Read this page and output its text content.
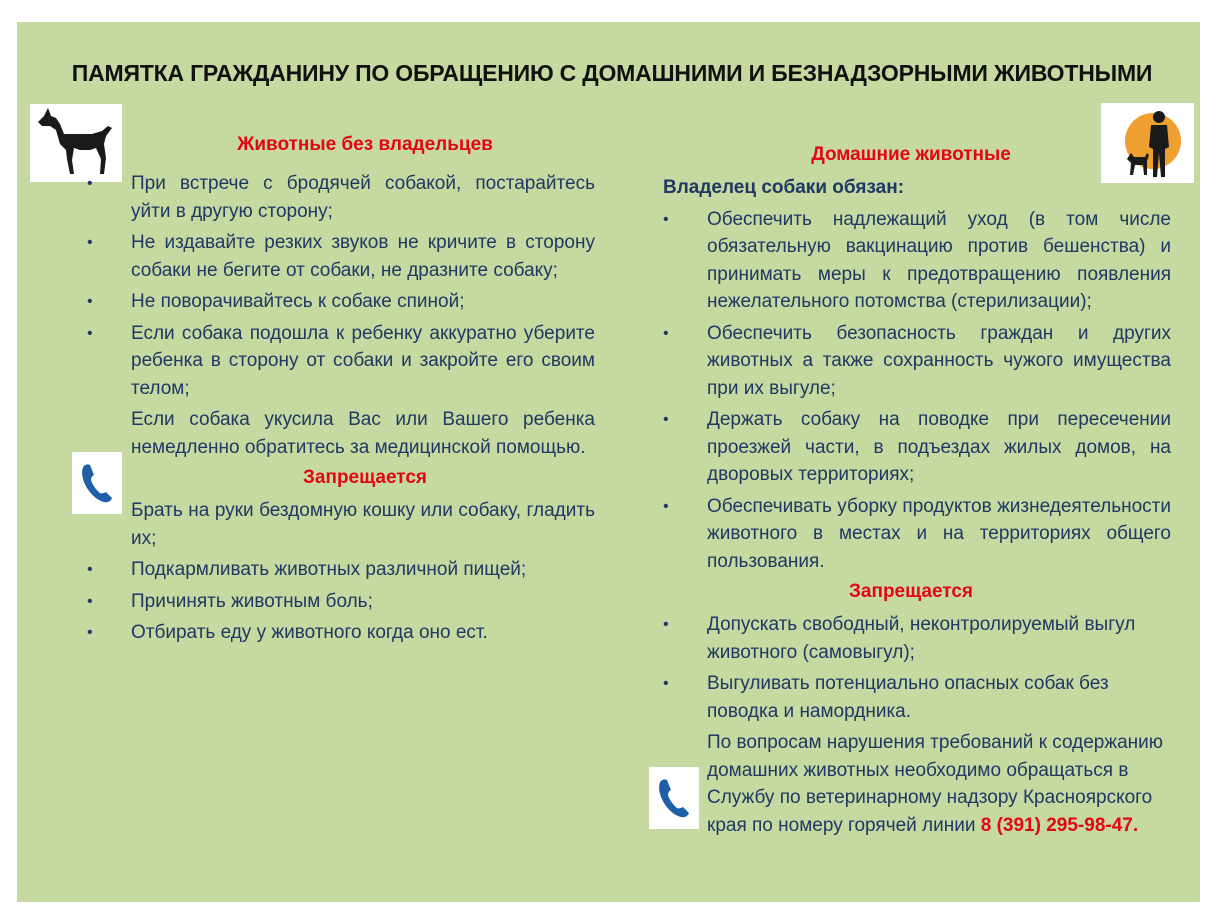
ПАМЯТКА ГРАЖДАНИНУ ПО ОБРАЩЕНИЮ С ДОМАШНИМИ И БЕЗНАДЗОРНЫМИ ЖИВОТНЫМИ
Животные без владельцев
• При встрече с бродячей собакой, постарайтесь уйти в другую сторону;
• Не издавайте резких звуков не кричите в сторону собаки не бегите от собаки, не дразните собаку;
• Не поворачивайтесь к собаке спиной;
• Если собака подошла к ребенку аккуратно уберите ребенка в сторону от собаки и закройте его своим телом;
Если собака укусила Вас или Вашего ребенка немедленно обратитесь за медицинской помощью.
Запрещается
Брать на руки бездомную кошку или собаку, гладить их;
• Подкармливать животных различной пищей;
• Причинять животным боль;
• Отбирать еду у животного когда оно ест.
Домашние животные
Владелец собаки обязан:
• Обеспечить надлежащий уход (в том числе обязательную вакцинацию против бешенства) и принимать меры к предотвращению появления нежелательного потомства (стерилизации);
• Обеспечить безопасность граждан и других животных а также сохранность чужого имущества при их выгуле;
• Держать собаку на поводке при пересечении проезжей части, в подъездах жилых домов, на дворовых территориях;
• Обеспечивать уборку продуктов жизнедеятельности животного в местах и на территориях общего пользования.
Запрещается
• Допускать свободный, неконтролируемый выгул животного (самовыгул);
• Выгуливать потенциально опасных собак без поводка и намордника.
По вопросам нарушения требований к содержанию домашних животных необходимо обращаться в Службу по ветеринарному надзору Красноярского края по номеру горячей линии 8 (391) 295-98-47.
